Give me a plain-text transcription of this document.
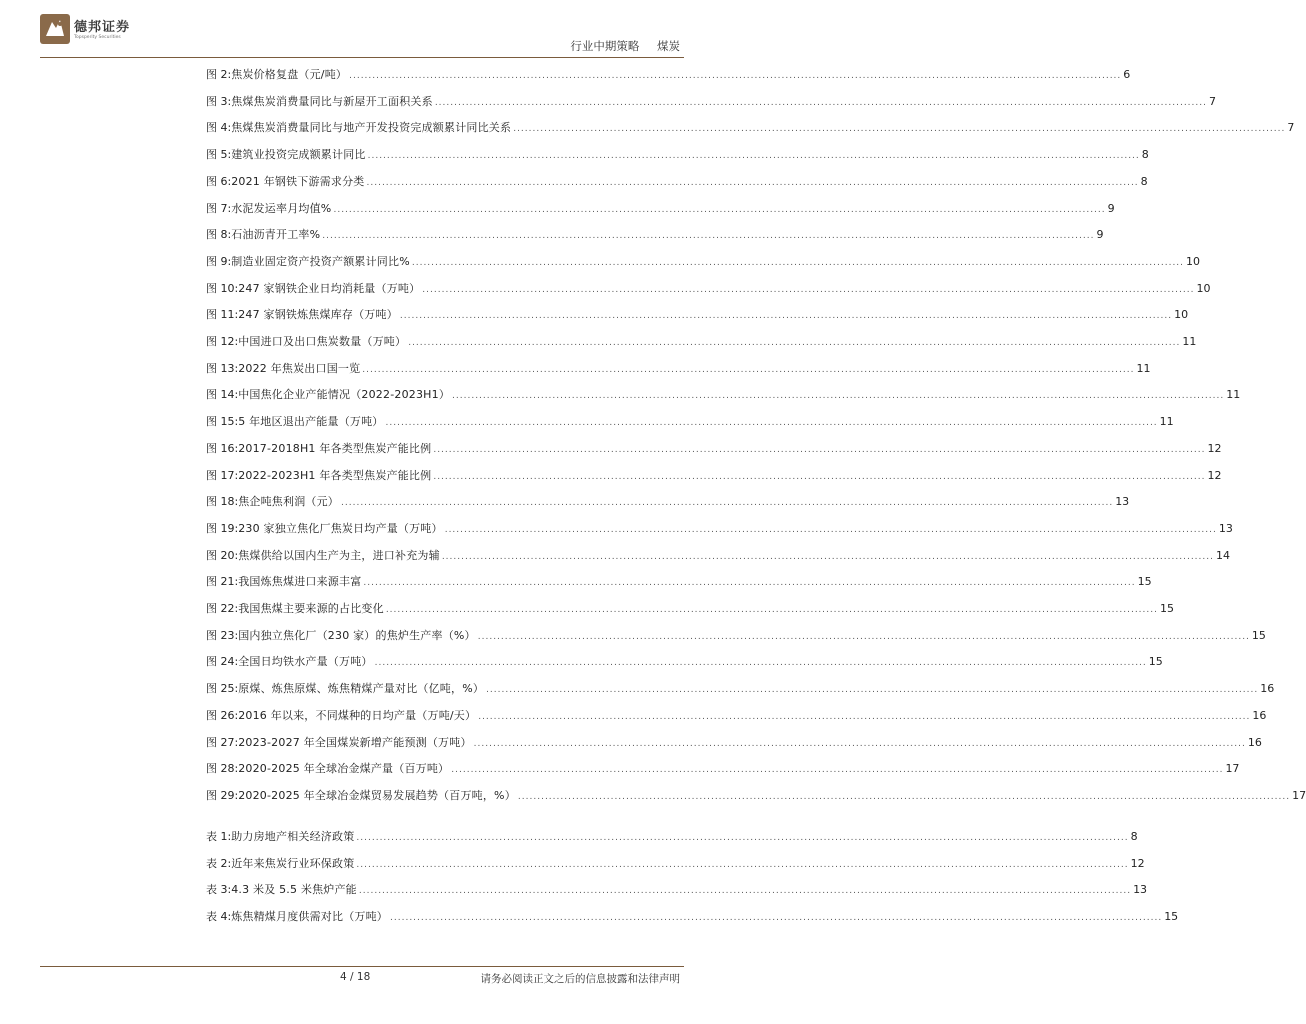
德邦证券
Topsperity Securities
行业中期策略 煤炭
图 2: 焦炭价格复盘（元/吨） ........................................................................................................................................................................................................ 6
图 3: 焦煤焦炭消费量同比与新屋开工面积关系 ........................................................................................................................................................................................................ 7
图 4: 焦煤焦炭消费量同比与地产开发投资完成额累计同比关系 ........................................................................................................................................................................................................ 7
图 5: 建筑业投资完成额累计同比 ........................................................................................................................................................................................................ 8
图 6: 2021 年钢铁下游需求分类 ........................................................................................................................................................................................................ 8
图 7: 水泥发运率月均值% ........................................................................................................................................................................................................ 9
图 8: 石油沥青开工率% ........................................................................................................................................................................................................ 9
图 9: 制造业固定资产投资产额累计同比% ........................................................................................................................................................................................................ 10
图 10: 247 家钢铁企业日均消耗量（万吨） ........................................................................................................................................................................................................ 10
图 11: 247 家钢铁炼焦煤库存（万吨） ........................................................................................................................................................................................................ 10
图 12: 中国进口及出口焦炭数量（万吨） ........................................................................................................................................................................................................ 11
图 13: 2022 年焦炭出口国一览 ........................................................................................................................................................................................................ 11
图 14: 中国焦化企业产能情况（2022-2023H1） ........................................................................................................................................................................................................ 11
图 15: 5 年地区退出产能量（万吨） ........................................................................................................................................................................................................ 11
图 16: 2017-2018H1 年各类型焦炭产能比例 ........................................................................................................................................................................................................ 12
图 17: 2022-2023H1 年各类型焦炭产能比例 ........................................................................................................................................................................................................ 12
图 18: 焦企吨焦利润（元） ........................................................................................................................................................................................................ 13
图 19: 230 家独立焦化厂焦炭日均产量（万吨） ........................................................................................................................................................................................................ 13
图 20: 焦煤供给以国内生产为主，进口补充为辅 ........................................................................................................................................................................................................ 14
图 21: 我国炼焦煤进口来源丰富 ........................................................................................................................................................................................................ 15
图 22: 我国焦煤主要来源的占比变化 ........................................................................................................................................................................................................ 15
图 23: 国内独立焦化厂（230 家）的焦炉生产率（%） ........................................................................................................................................................................................................ 15
图 24: 全国日均铁水产量（万吨） ........................................................................................................................................................................................................ 15
图 25: 原煤、炼焦原煤、炼焦精煤产量对比（亿吨，%） ........................................................................................................................................................................................................ 16
图 26: 2016 年以来，不同煤种的日均产量（万吨/天） ........................................................................................................................................................................................................ 16
图 27: 2023-2027 年全国煤炭新增产能预测（万吨） ........................................................................................................................................................................................................ 16
图 28: 2020-2025 年全球冶金煤产量（百万吨） ........................................................................................................................................................................................................ 17
图 29: 2020-2025 年全球冶金煤贸易发展趋势（百万吨，%） ........................................................................................................................................................................................................ 17
表 1: 助力房地产相关经济政策 ........................................................................................................................................................................................................ 8
表 2: 近年来焦炭行业环保政策 ........................................................................................................................................................................................................ 12
表 3: 4.3 米及 5.5 米焦炉产能 ........................................................................................................................................................................................................ 13
表 4: 炼焦精煤月度供需对比（万吨） ........................................................................................................................................................................................................ 15
4 / 18	请务必阅读正文之后的信息披露和法律声明
